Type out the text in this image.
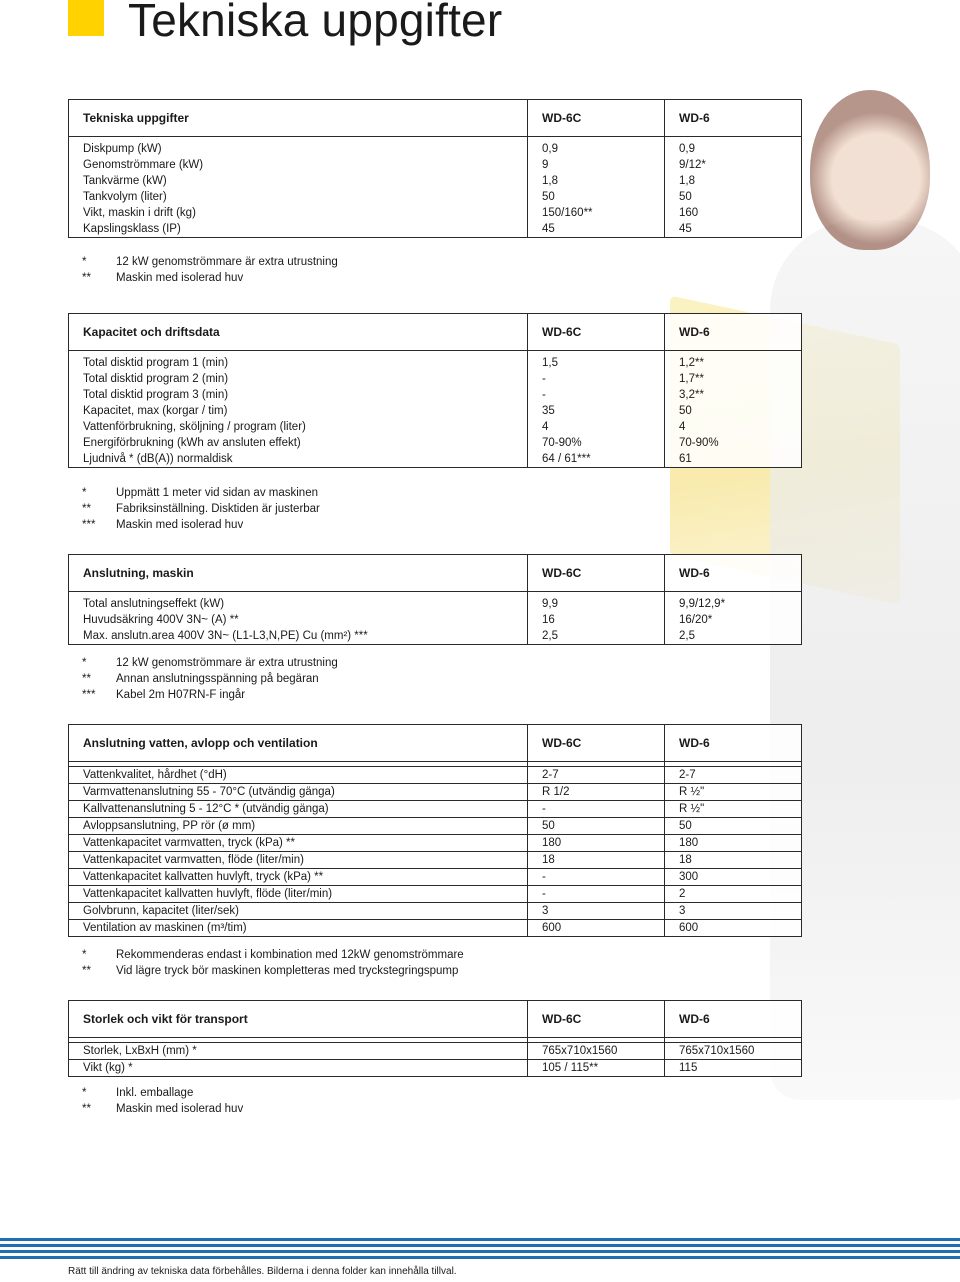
Tekniska uppgifter
Tekniska uppgifter	WD-6C	WD-6

Diskpump (kW)	0,9	0,9
Genomströmmare (kW)	9	9/12*
Tankvärme (kW)	1,8	1,8
Tankvolym (liter)	50	50
Vikt, maskin i drift (kg)	150/160**	160
Kapslingsklass (IP)	45	45
*	12 kW genomströmmare är extra utrustning
**	Maskin med isolerad huv
Kapacitet och driftsdata	WD-6C	WD-6

Total disktid program 1 (min)	1,5	1,2**
Total disktid program 2 (min)	-	1,7**
Total disktid program 3 (min)	-	3,2**
Kapacitet, max (korgar / tim)	35	50
Vattenförbrukning, sköljning / program (liter)	4	4
Energiförbrukning (kWh av ansluten effekt)	70-90%	70-90%
Ljudnivå * (dB(A)) normaldisk	64 / 61***	61
*	Uppmätt 1 meter vid sidan av maskinen
**	Fabriksinställning. Disktiden är justerbar
***	Maskin med isolerad huv
Anslutning, maskin	WD-6C	WD-6

Total anslutningseffekt (kW)	9,9	9,9/12,9*
Huvudsäkring 400V 3N~ (A) **	16	16/20*
Max. anslutn.area 400V 3N~ (L1-L3,N,PE) Cu (mm²) ***	2,5	2,5
*	12 kW genomströmmare är extra utrustning
**	Annan anslutningsspänning på begäran
***	Kabel 2m H07RN-F ingår
Anslutning vatten, avlopp och ventilation	WD-6C	WD-6

Vattenkvalitet, hårdhet (°dH)	2-7	2-7
Varmvattenanslutning 55 - 70°C (utvändig gänga)	R 1/2	R ½"
Kallvattenanslutning 5 - 12°C * (utvändig gänga)	-	R ½"
Avloppsanslutning, PP rör (ø mm)	50	50
Vattenkapacitet varmvatten, tryck (kPa) **	180	180
Vattenkapacitet varmvatten, flöde (liter/min)	18	18
Vattenkapacitet kallvatten huvlyft, tryck (kPa) **	-	300
Vattenkapacitet kallvatten huvlyft, flöde (liter/min)	-	2
Golvbrunn, kapacitet (liter/sek)	3	3
Ventilation av maskinen (m³/tim)	600	600
*	Rekommenderas endast i kombination med 12kW genomströmmare
**	Vid lägre tryck bör maskinen kompletteras med tryckstegringspump
Storlek och vikt för transport	WD-6C	WD-6

Storlek, LxBxH (mm) *	765x710x1560	765x710x1560
Vikt (kg) *	105 / 115**	115
*	Inkl. emballage
**	Maskin med isolerad huv
Rätt till ändring av tekniska data förbehålles. Bilderna i denna folder kan innehålla tillval.
